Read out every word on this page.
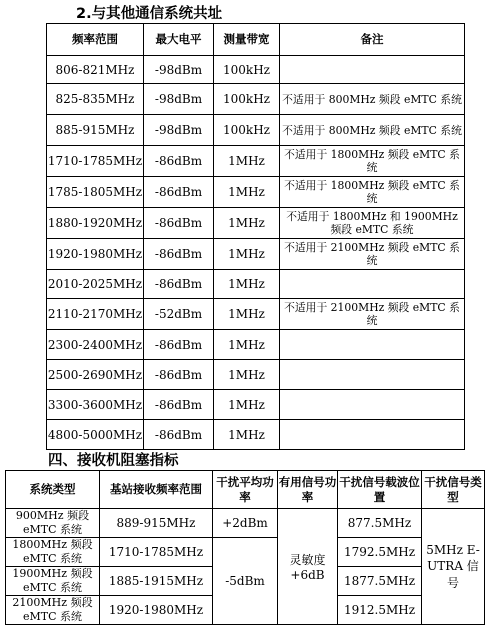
2.与其他通信系统共址
频率范围	最大电平	测量带宽	备注
806-821MHz	-98dBm	100kHz	
825-835MHz	-98dBm	100kHz	不适用于 800MHz 频段 eMTC 系统
885-915MHz	-98dBm	100kHz	不适用于 800MHz 频段 eMTC 系统
1710-1785MHz	-86dBm	1MHz	不适用于 1800MHz 频段 eMTC 系统
1785-1805MHz	-86dBm	1MHz	不适用于 1800MHz 频段 eMTC 系统
1880-1920MHz	-86dBm	1MHz	不适用于 1800MHz 和 1900MHz 频段 eMTC 系统
1920-1980MHz	-86dBm	1MHz	不适用于 2100MHz 频段 eMTC 系统
2010-2025MHz	-86dBm	1MHz	
2110-2170MHz	-52dBm	1MHz	不适用于 2100MHz 频段 eMTC 系统
2300-2400MHz	-86dBm	1MHz	
2500-2690MHz	-86dBm	1MHz	
3300-3600MHz	-86dBm	1MHz	
4800-5000MHz	-86dBm	1MHz	
四、接收机阻塞指标
系统类型	基站接收频率范围	干扰平均功率	有用信号功率	干扰信号载波位置	干扰信号类型
900MHz 频段 eMTC 系统	889-915MHz	+2dBm	灵敏度+6dB	877.5MHz	5MHz E-UTRA 信号
1800MHz 频段 eMTC 系统	1710-1785MHz	-5dBm		1792.5MHz	
1900MHz 频段 eMTC 系统	1885-1915MHz			1877.5MHz	
2100MHz 频段 eMTC 系统	1920-1980MHz			1912.5MHz	
